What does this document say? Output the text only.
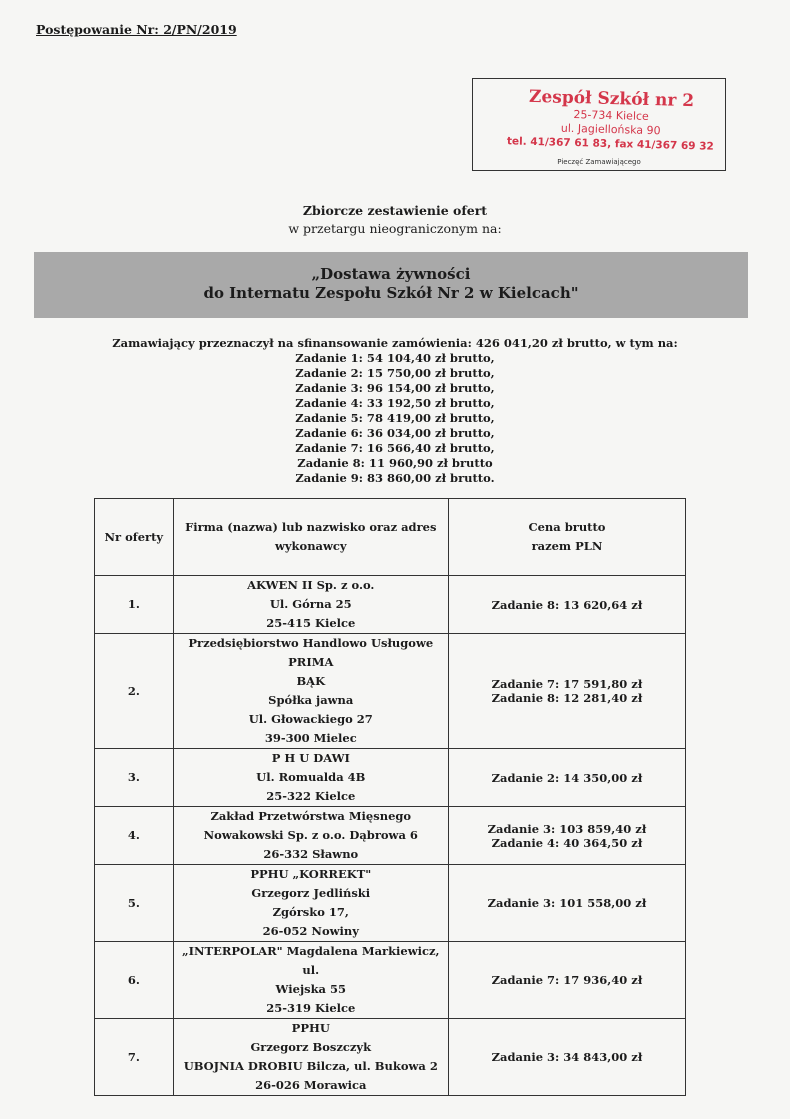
Postępowanie Nr: 2/PN/2019
Zespół Szkół nr 2
25-734 Kielce
ul. Jagiellońska 90
tel. 41/367 61 83, fax 41/367 69 32
Pieczęć Zamawiającego
Zbiorcze zestawienie ofert
w przetargu nieograniczonym na:
„Dostawa żywności
do Internatu Zespołu Szkół Nr 2 w Kielcach"
Zamawiający przeznaczył na sfinansowanie zamówienia: 426 041,20 zł brutto, w tym na:
Zadanie 1: 54 104,40 zł brutto,
Zadanie 2: 15 750,00 zł brutto,
Zadanie 3: 96 154,00 zł brutto,
Zadanie 4: 33 192,50 zł brutto,
Zadanie 5: 78 419,00 zł brutto,
Zadanie 6: 36 034,00 zł brutto,
Zadanie 7: 16 566,40 zł brutto,
Zadanie 8: 11 960,90 zł brutto
Zadanie 9: 83 860,00 zł brutto.
Nr oferty	Firma (nazwa) lub nazwisko oraz adres wykonawcy	Cena brutto
razem PLN

1.	AKWEN II Sp. z o.o.
Ul. Górna 25
25-415 Kielce	Zadanie 8: 13 620,64 zł

2.	Przedsiębiorstwo Handlowo Usługowe PRIMA
BĄK
Spółka jawna
Ul. Głowackiego 27
39-300 Mielec	Zadanie 7: 17 591,80 zł
Zadanie 8: 12 281,40 zł

3.	P H U DAWI
Ul. Romualda 4B
25-322 Kielce	Zadanie 2: 14 350,00 zł

4.	Zakład Przetwórstwa Mięsnego
Nowakowski Sp. z o.o. Dąbrowa 6
26-332 Sławno	Zadanie 3: 103 859,40 zł
Zadanie 4: 40 364,50 zł

5.	PPHU „KORREKT"
Grzegorz Jedliński
Zgórsko 17,
26-052 Nowiny	Zadanie 3: 101 558,00 zł

6.	„INTERPOLAR" Magdalena Markiewicz, ul.
Wiejska 55
25-319 Kielce	Zadanie 7: 17 936,40 zł

7.	PPHU
Grzegorz Boszczyk
UBOJNIA DROBIU Bilcza, ul. Bukowa 2
26-026 Morawica	Zadanie 3: 34 843,00 zł
